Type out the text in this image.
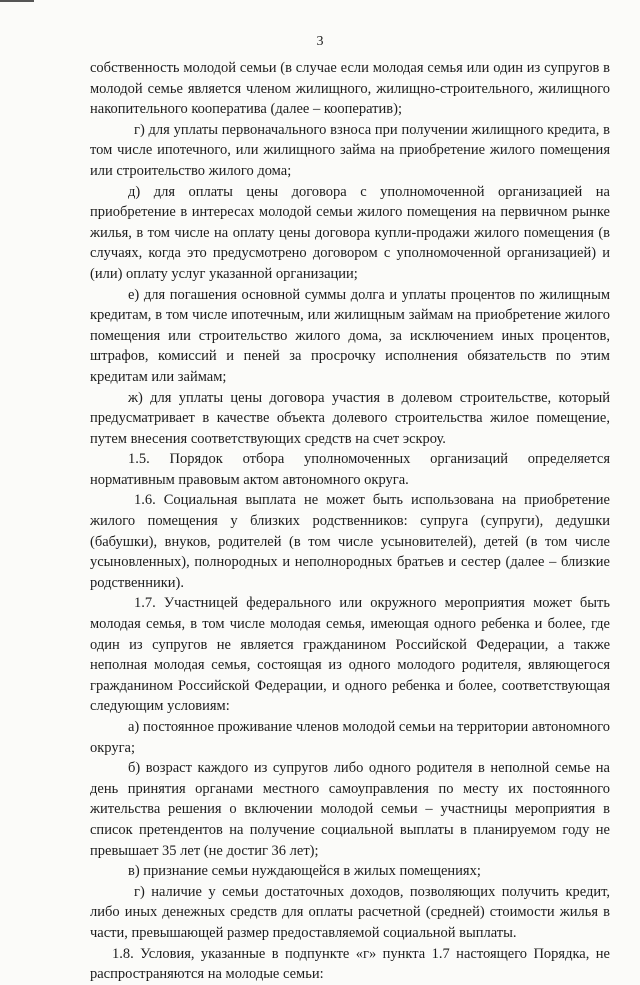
3

собственность молодой семьи (в случае если молодая семья или один из супругов в молодой семье является членом жилищного, жилищно-строительного, жилищного накопительного кооператива (далее – кооператив);

г) для уплаты первоначального взноса при получении жилищного кредита, в том числе ипотечного, или жилищного займа на приобретение жилого помещения или строительство жилого дома;

д) для оплаты цены договора с уполномоченной организацией на приобретение в интересах молодой семьи жилого помещения на первичном рынке жилья, в том числе на оплату цены договора купли-продажи жилого помещения (в случаях, когда это предусмотрено договором с уполномоченной организацией) и (или) оплату услуг указанной организации;

е) для погашения основной суммы долга и уплаты процентов по жилищным кредитам, в том числе ипотечным, или жилищным займам на приобретение жилого помещения или строительство жилого дома, за исключением иных процентов, штрафов, комиссий и пеней за просрочку исполнения обязательств по этим кредитам или займам;

ж) для уплаты цены договора участия в долевом строительстве, который предусматривает в качестве объекта долевого строительства жилое помещение, путем внесения соответствующих средств на счет эскроу.

1.5. Порядок отбора уполномоченных организаций определяется нормативным правовым актом автономного округа.

1.6. Социальная выплата не может быть использована на приобретение жилого помещения у близких родственников: супруга (супруги), дедушки (бабушки), внуков, родителей (в том числе усыновителей), детей (в том числе усыновленных), полнородных и неполнородных братьев и сестер (далее – близкие родственники).

1.7. Участницей федерального или окружного мероприятия может быть молодая семья, в том числе молодая семья, имеющая одного ребенка и более, где один из супругов не является гражданином Российской Федерации, а также неполная молодая семья, состоящая из одного молодого родителя, являющегося гражданином Российской Федерации, и одного ребенка и более, соответствующая следующим условиям:

а) постоянное проживание членов молодой семьи на территории автономного округа;

б) возраст каждого из супругов либо одного родителя в неполной семье на день принятия органами местного самоуправления по месту их постоянного жительства решения о включении молодой семьи – участницы мероприятия в список претендентов на получение социальной выплаты в планируемом году не превышает 35 лет (не достиг 36 лет);

в) признание семьи нуждающейся в жилых помещениях;

г) наличие у семьи достаточных доходов, позволяющих получить кредит, либо иных денежных средств для оплаты расчетной (средней) стоимости жилья в части, превышающей размер предоставляемой социальной выплаты.

1.8. Условия, указанные в подпункте «г» пункта 1.7 настоящего Порядка, не распространяются на молодые семьи:
